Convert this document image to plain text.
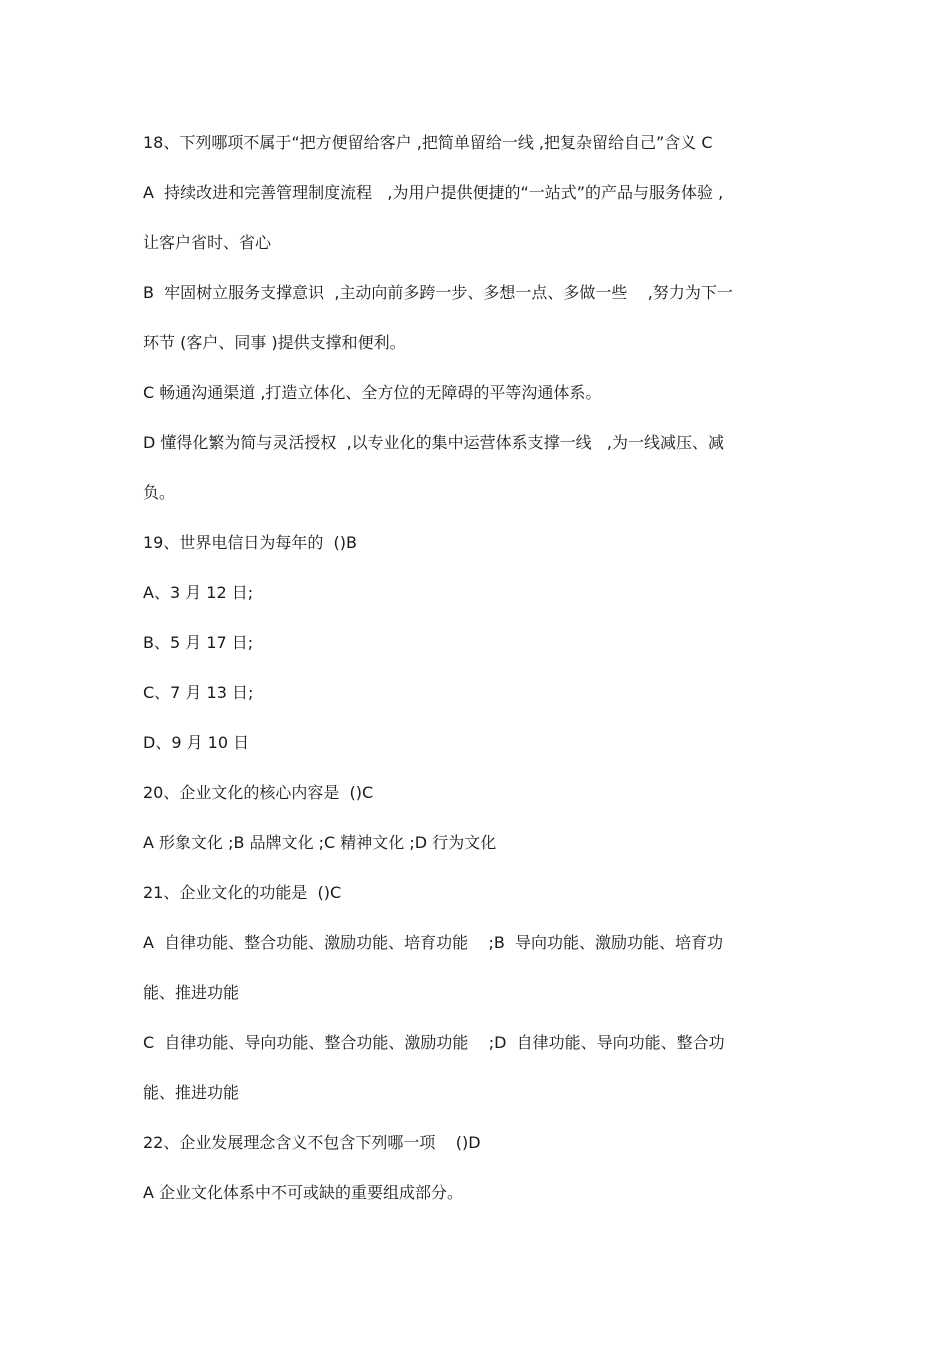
18、下列哪项不属于“把方便留给客户 ,把简单留给一线 ,把复杂留给自己”含义 C
A  持续改进和完善管理制度流程   ,为用户提供便捷的“一站式”的产品与服务体验 ,
让客户省时、省心
B  牢固树立服务支撑意识  ,主动向前多跨一步、多想一点、多做一些    ,努力为下一
环节 (客户、同事 )提供支撑和便利。
C 畅通沟通渠道 ,打造立体化、全方位的无障碍的平等沟通体系。
D 懂得化繁为简与灵活授权  ,以专业化的集中运营体系支撑一线   ,为一线减压、减
负。
19、世界电信日为每年的  ()B
A、3 月 12 日;
B、5 月 17 日;
C、7 月 13 日;
D、9 月 10 日
20、企业文化的核心内容是  ()C
A 形象文化 ;B 品牌文化 ;C 精神文化 ;D 行为文化
21、企业文化的功能是  ()C
A  自律功能、整合功能、激励功能、培育功能    ;B  导向功能、激励功能、培育功
能、推进功能
C  自律功能、导向功能、整合功能、激励功能    ;D  自律功能、导向功能、整合功
能、推进功能
22、企业发展理念含义不包含下列哪一项    ()D
A 企业文化体系中不可或缺的重要组成部分。
